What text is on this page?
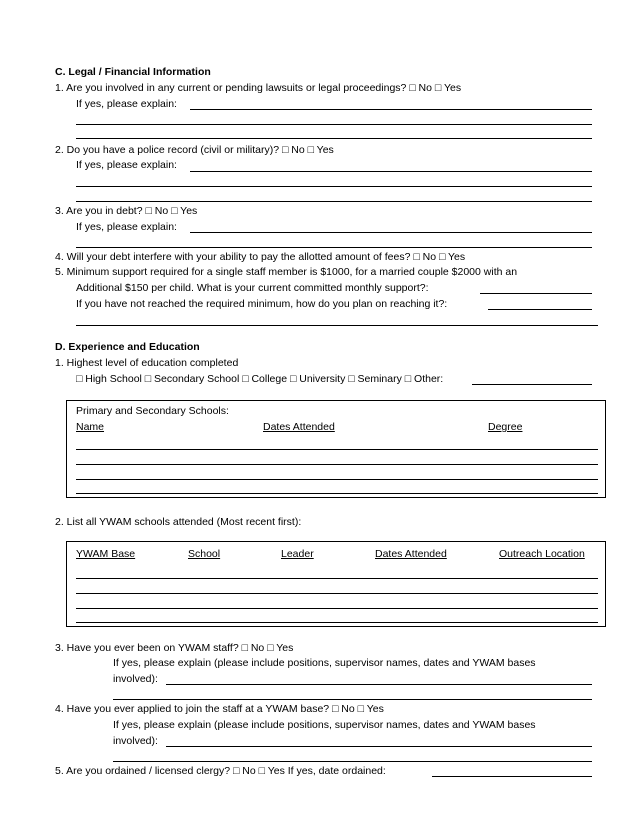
C. Legal / Financial Information
1. Are you involved in any current or pending lawsuits or legal proceedings? □ No □ Yes
If yes, please explain:
2. Do you have a police record (civil or military)? □ No □ Yes
If yes, please explain:
3. Are you in debt? □ No □ Yes
If yes, please explain:
4. Will your debt interfere with your ability to pay the allotted amount of fees? □ No □ Yes
5. Minimum support required for a single staff member is $1000, for a married couple $2000 with an
Additional $150 per child. What is your current committed monthly support?:
If you have not reached the required minimum, how do you plan on reaching it?:
D. Experience and Education
1. Highest level of education completed
□ High School □ Secondary School □ College □ University □ Seminary □ Other:
Primary and Secondary Schools:
Name	Dates Attended	Degree
2. List all YWAM schools attended (Most recent first):
YWAM Base	School	Leader	Dates Attended	Outreach Location
3. Have you ever been on YWAM staff? □ No □ Yes
If yes, please explain (please include positions, supervisor names, dates and YWAM bases
involved):
4. Have you ever applied to join the staff at a YWAM base? □ No □ Yes
If yes, please explain (please include positions, supervisor names, dates and YWAM bases
involved):
5. Are you ordained / licensed clergy? □ No □ Yes If yes, date ordained:
